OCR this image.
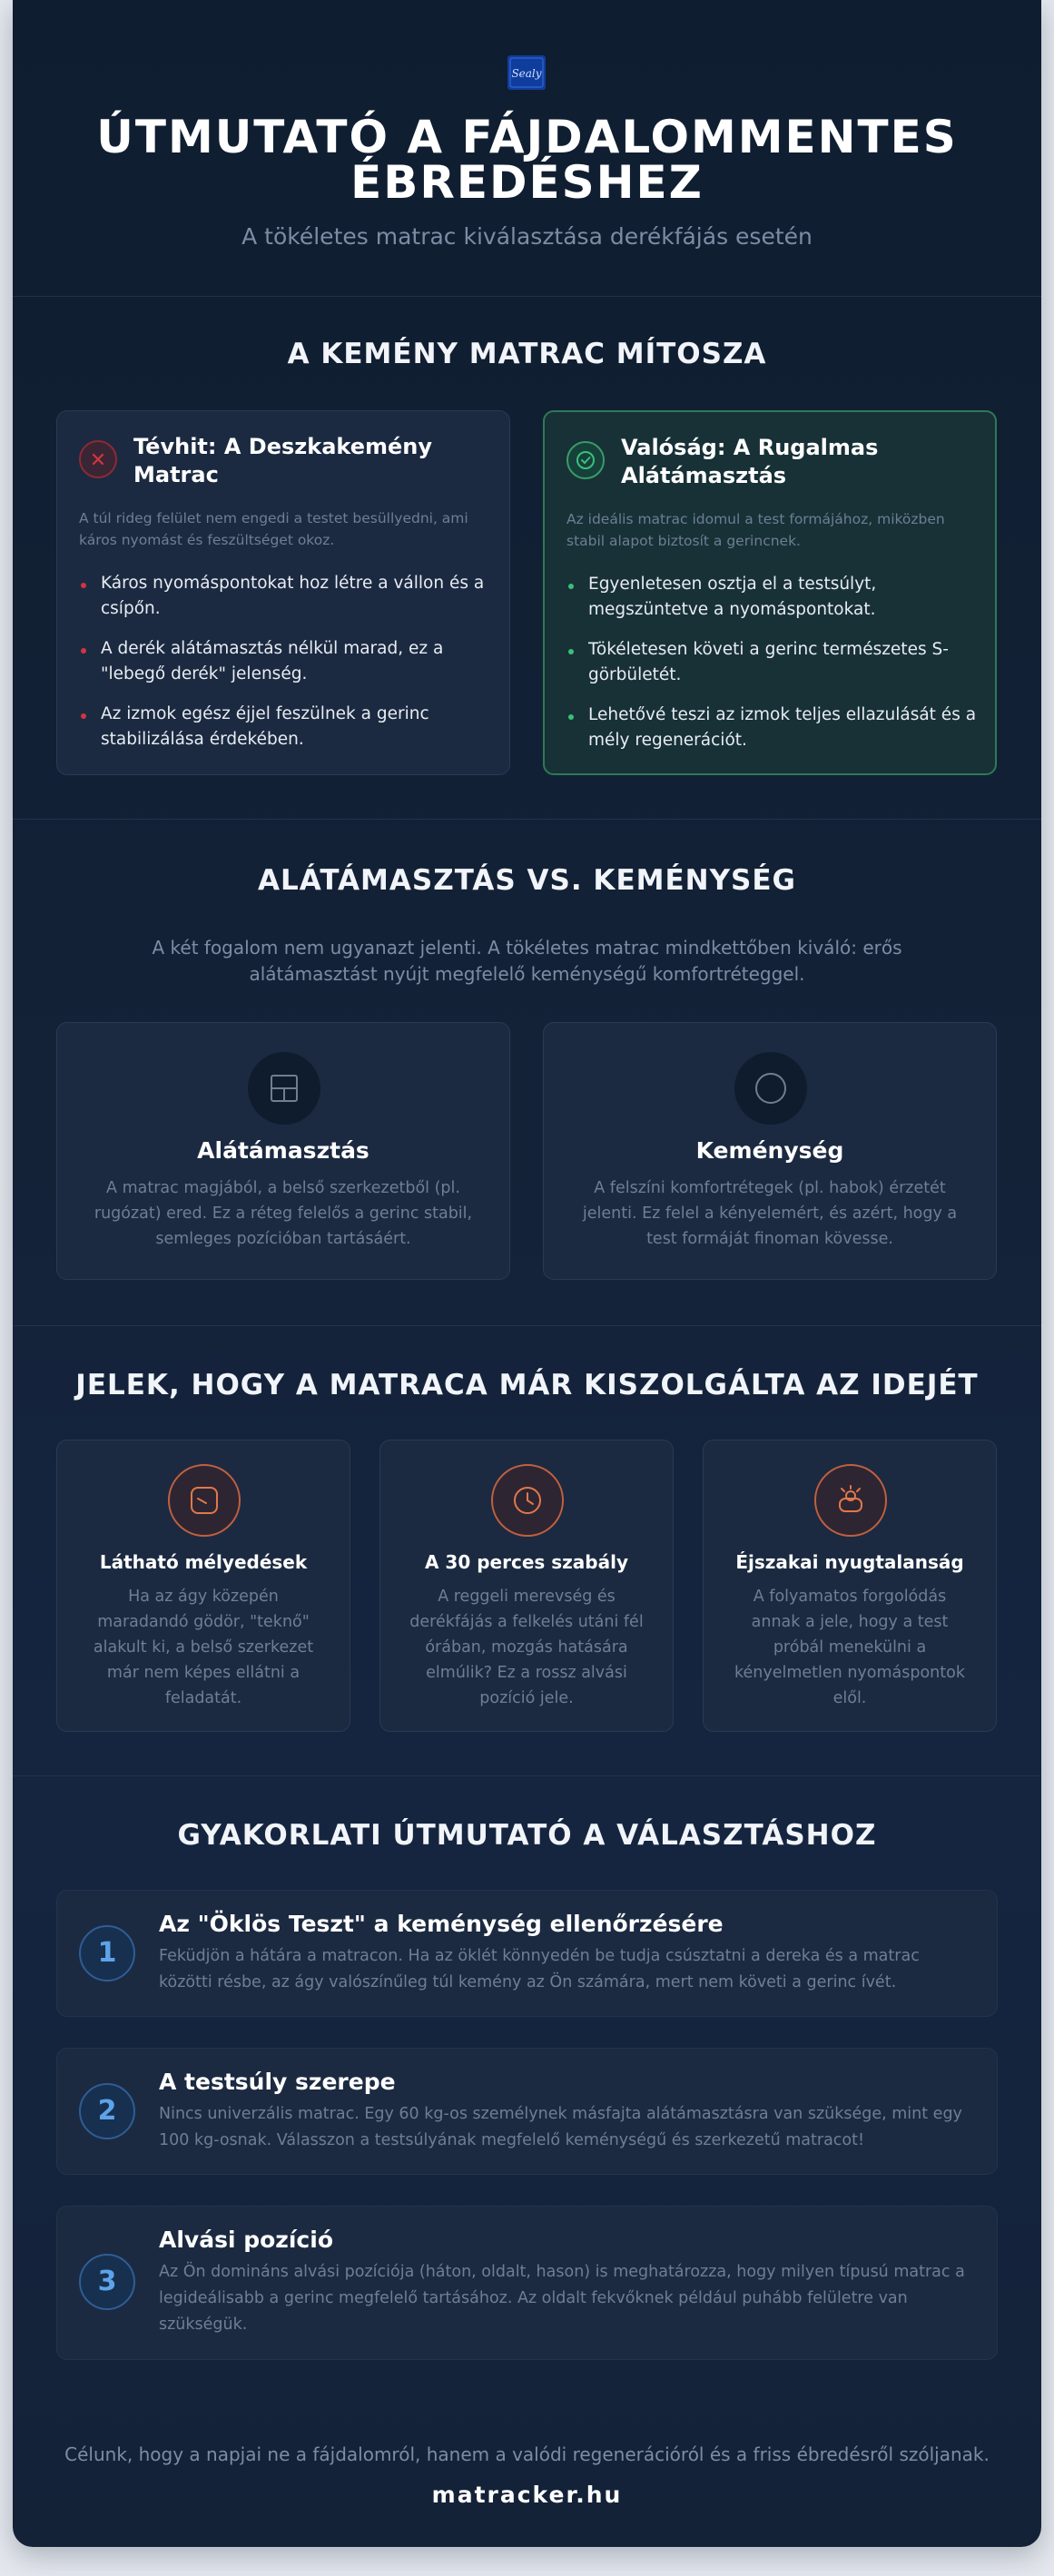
Sealy
ÚTMUTATÓ A FÁJDALOMMENTES ÉBREDÉSHEZ
A tökéletes matrac kiválasztása derékfájás esetén
A KEMÉNY MATRAC MÍTOSZA
Tévhit: A Deszkakemény Matrac
A túl rideg felület nem engedi a testet besüllyedni, ami káros nyomást és feszültséget okoz.
Káros nyomáspontokat hoz létre a vállon és a csípőn.
A derék alátámasztás nélkül marad, ez a "lebegő derék" jelenség.
Az izmok egész éjjel feszülnek a gerinc stabilizálása érdekében.
Valóság: A Rugalmas Alátámasztás
Az ideális matrac idomul a test formájához, miközben stabil alapot biztosít a gerincnek.
Egyenletesen osztja el a testsúlyt, megszüntetve a nyomáspontokat.
Tökéletesen követi a gerinc természetes S-görbületét.
Lehetővé teszi az izmok teljes ellazulását és a mély regenerációt.
ALÁTÁMASZTÁS VS. KEMÉNYSÉG
A két fogalom nem ugyanazt jelenti. A tökéletes matrac mindkettőben kiváló: erős alátámasztást nyújt megfelelő keménységű komfortréteggel.
Alátámasztás
A matrac magjából, a belső szerkezetből (pl. rugózat) ered. Ez a réteg felelős a gerinc stabil, semleges pozícióban tartásáért.
Keménység
A felszíni komfortrétegek (pl. habok) érzetét jelenti. Ez felel a kényelemért, és azért, hogy a test formáját finoman kövesse.
JELEK, HOGY A MATRACA MÁR KISZOLGÁLTA AZ IDEJÉT
Látható mélyedések
Ha az ágy közepén maradandó gödör, "teknő" alakult ki, a belső szerkezet már nem képes ellátni a feladatát.
A 30 perces szabály
A reggeli merevség és derékfájás a felkelés utáni fél órában, mozgás hatására elmúlik? Ez a rossz alvási pozíció jele.
Éjszakai nyugtalanság
A folyamatos forgolódás annak a jele, hogy a test próbál menekülni a kényelmetlen nyomáspontok elől.
GYAKORLATI ÚTMUTATÓ A VÁLASZTÁSHOZ
1
Az "Öklös Teszt" a keménység ellenőrzésére
Feküdjön a hátára a matracon. Ha az öklét könnyedén be tudja csúsztatni a dereka és a matrac közötti résbe, az ágy valószínűleg túl kemény az Ön számára, mert nem követi a gerinc ívét.
2
A testsúly szerepe
Nincs univerzális matrac. Egy 60 kg-os személynek másfajta alátámasztásra van szüksége, mint egy 100 kg-osnak. Válasszon a testsúlyának megfelelő keménységű és szerkezetű matracot!
3
Alvási pozíció
Az Ön domináns alvási pozíciója (háton, oldalt, hason) is meghatározza, hogy milyen típusú matrac a legideálisabb a gerinc megfelelő tartásához. Az oldalt fekvőknek például puhább felületre van szükségük.
Célunk, hogy a napjai ne a fájdalomról, hanem a valódi regenerációról és a friss ébredésről szóljanak.
matracker.hu
